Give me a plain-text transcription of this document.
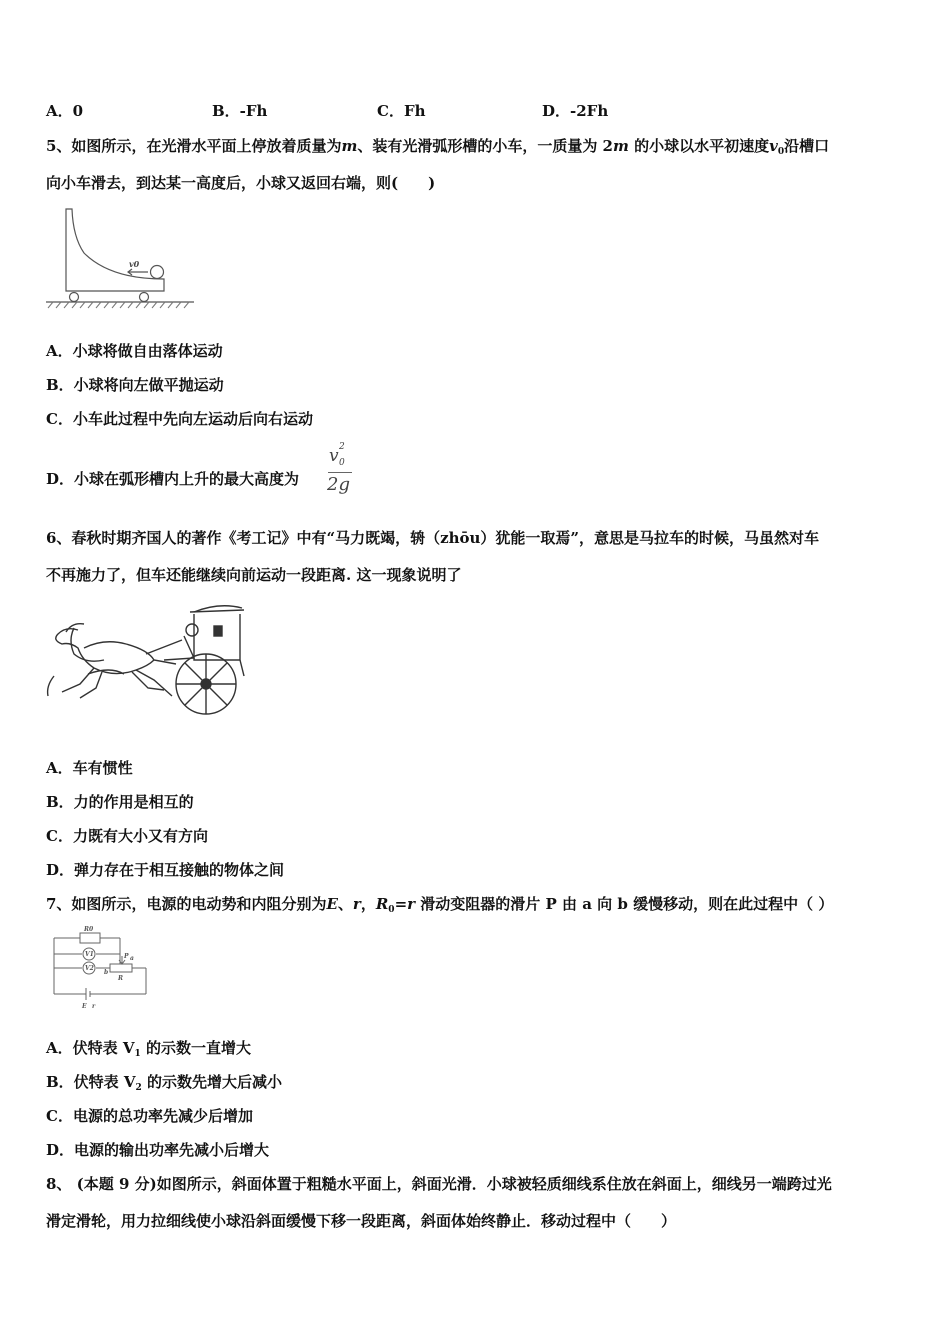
A．0	B．-Fh	C．Fh	D．-2Fh
5、如图所示，在光滑水平面上停放着质量为m、装有光滑弧形槽的小车，一质量为 2m 的小球以水平初速度$v_0$沿槽口
向小车滑去，到达某一高度后，小球又返回右端，则(　　)
v0
A．小球将做自由落体运动
B．小球将向左做平抛运动
C．小车此过程中先向左运动后向右运动
D．小球在弧形槽内上升的最大高度为
v 2
0
2g
6、春秋时期齐国人的著作《考工记》中有“马力既竭，辀（zhōu）犹能一取焉”，意思是马拉车的时候，马虽然对车
不再施力了，但车还能继续向前运动一段距离. 这一现象说明了
A．车有惯性
B．力的作用是相互的
C．力既有大小又有方向
D．弹力存在于相互接触的物体之间
7、如图所示，电源的电动势和内阻分别为E、r，$R_0=r$ 滑动变阻器的滑片 P 由 a 向 b 缓慢移动，则在此过程中（ ）
R0
V1
V2
P a
b
R
E r
A．伏特表 $V_1$ 的示数一直增大
B．伏特表 $V_2$ 的示数先增大后减小
C．电源的总功率先减少后增加
D．电源的输出功率先减小后增大
8、 (本题 9 分)如图所示，斜面体置于粗糙水平面上，斜面光滑．小球被轻质细线系住放在斜面上，细线另一端跨过光
滑定滑轮，用力拉细线使小球沿斜面缓慢下移一段距离，斜面体始终静止．移动过程中（　　）
